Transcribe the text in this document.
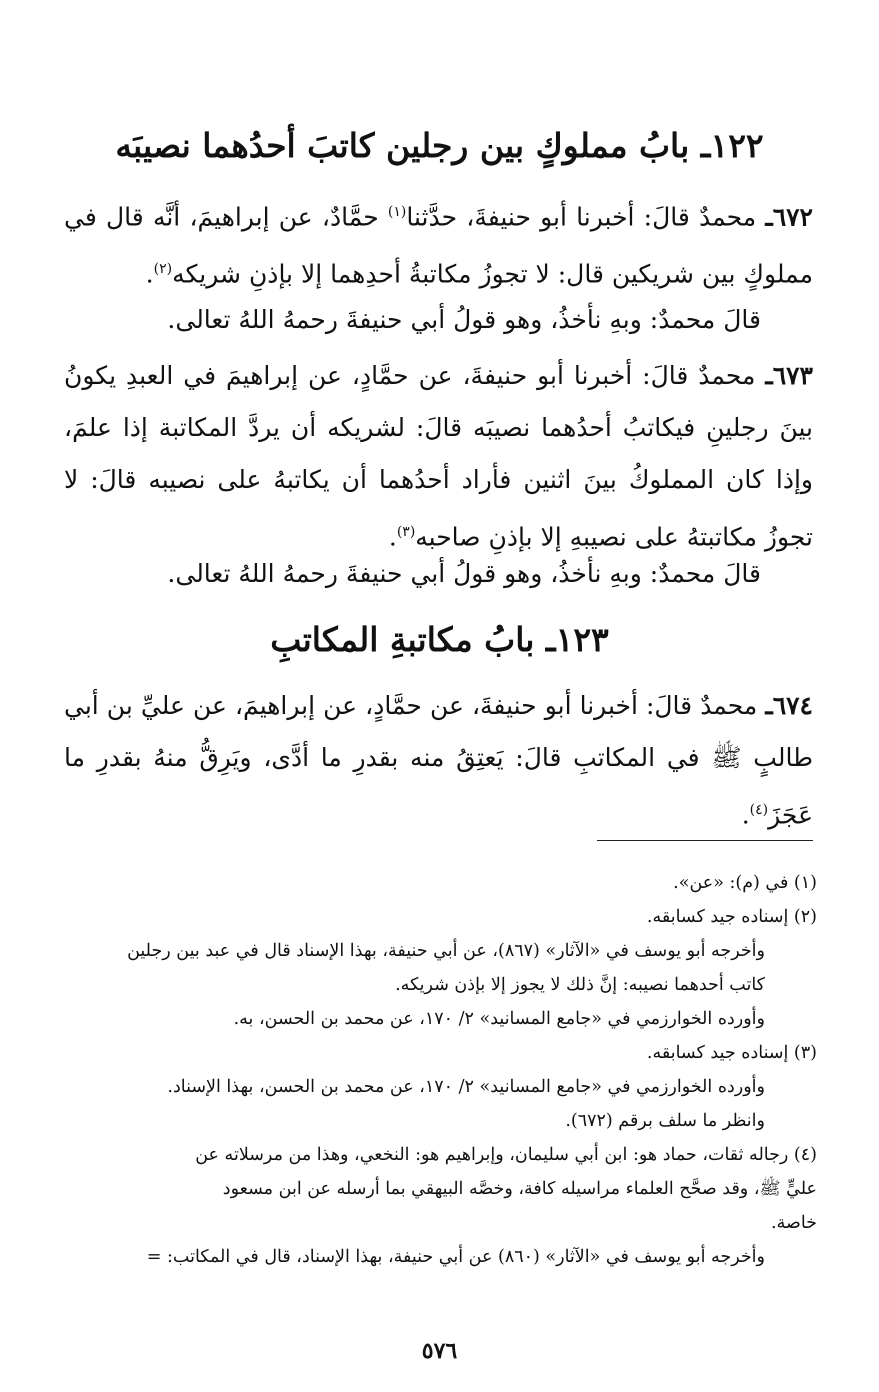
١٢٢ـ بابُ مملوكٍ بين رجلين كاتبَ أحدُهما نصيبَه
٦٧٢ـ محمدٌ قالَ: أخبرنا أبو حنيفةَ، حدَّثنا$^{(١)}$ حمَّادٌ، عن إبراهيمَ، أنَّه قال في مملوكٍ بين شريكين قال: لا تجوزُ مكاتبةُ أحدِهما إلا بإذنِ شريكه$^{(٢)}$.
قالَ محمدٌ: وبهِ نأخذُ، وهو قولُ أبي حنيفةَ رحمهُ اللهُ تعالى.
٦٧٣ـ محمدٌ قالَ: أخبرنا أبو حنيفةَ، عن حمَّادٍ، عن إبراهيمَ في العبدِ يكونُ بينَ رجلينِ فيكاتبُ أحدُهما نصيبَه قالَ: لشريكه أن يردَّ المكاتبة إذا علمَ، وإذا كان المملوكُ بينَ اثنين فأراد أحدُهما أن يكاتبهُ على نصيبه قالَ: لا تجوزُ مكاتبتهُ على نصيبهِ إلا بإذنِ صاحبه$^{(٣)}$.
قالَ محمدٌ: وبهِ نأخذُ، وهو قولُ أبي حنيفةَ رحمهُ اللهُ تعالى.
١٢٣ـ بابُ مكاتبةِ المكاتبِ
٦٧٤ـ محمدٌ قالَ: أخبرنا أبو حنيفةَ، عن حمَّادٍ، عن إبراهيمَ، عن عليِّ بن أبي طالبٍ ﷺ في المكاتبِ قالَ: يَعتِقُ منه بقدرِ ما أدَّى، ويَرِقُّ منهُ بقدرِ ما عَجَزَ$^{(٤)}$.
(١) في (م): «عن».
(٢) إسناده جيد كسابقه.
وأخرجه أبو يوسف في «الآثار» (٨٦٧)، عن أبي حنيفة، بهذا الإسناد قال في عبد بين رجلين
كاتب أحدهما نصيبه: إنَّ ذلك لا يجوز إلا بإذن شريكه.
وأورده الخوارزمي في «جامع المسانيد» ٢/ ١٧٠، عن محمد بن الحسن، به.
(٣) إسناده جيد كسابقه.
وأورده الخوارزمي في «جامع المسانيد» ٢/ ١٧٠، عن محمد بن الحسن، بهذا الإسناد.
وانظر ما سلف برقم (٦٧٢).
(٤) رجاله ثقات، حماد هو: ابن أبي سليمان، وإبراهيم هو: النخعي، وهذا من مرسلاته عن
عليٍّ ﷺ، وقد صحَّح العلماء مراسيله كافة، وخصَّه البيهقي بما أرسله عن ابن مسعود
خاصة.
وأخرجه أبو يوسف في «الآثار» (٨٦٠) عن أبي حنيفة، بهذا الإسناد، قال في المكاتب: =
٥٧٦
